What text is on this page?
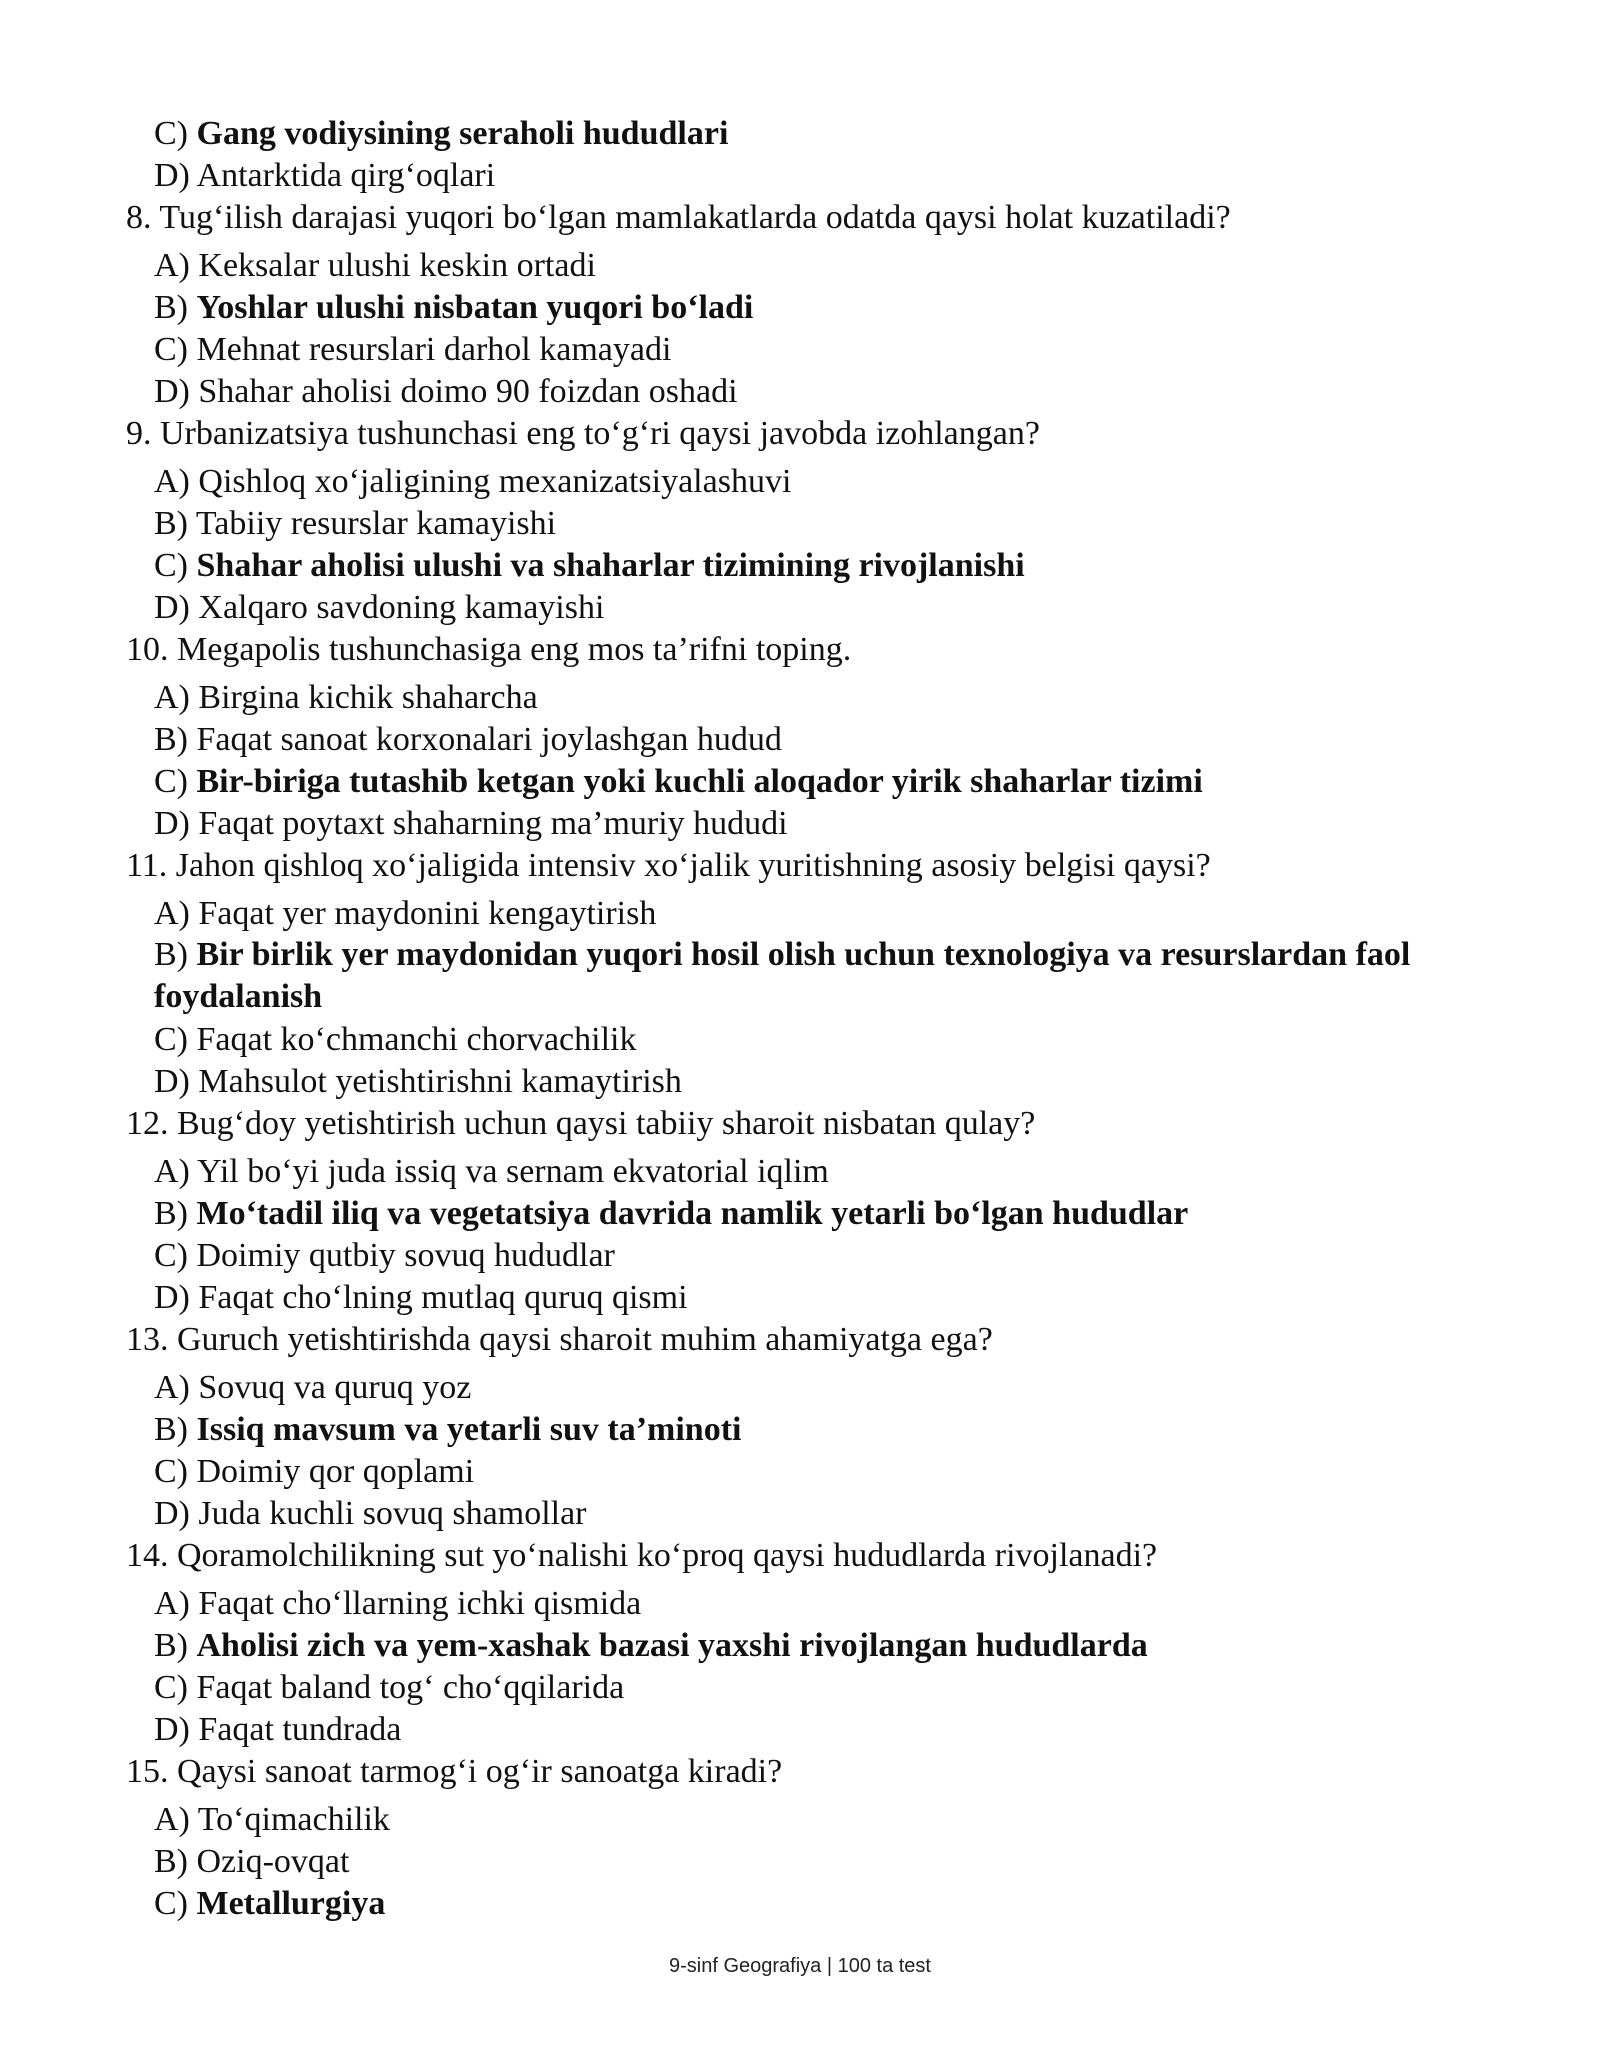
C) Gang vodiysining seraholi hududlari
D) Antarktida qirg‘oqlari
8. Tug‘ilish darajasi yuqori bo‘lgan mamlakatlarda odatda qaysi holat kuzatiladi?
A) Keksalar ulushi keskin ortadi
B) Yoshlar ulushi nisbatan yuqori bo‘ladi
C) Mehnat resurslari darhol kamayadi
D) Shahar aholisi doimo 90 foizdan oshadi
9. Urbanizatsiya tushunchasi eng to‘g‘ri qaysi javobda izohlangan?
A) Qishloq xo‘jaligining mexanizatsiyalashuvi
B) Tabiiy resurslar kamayishi
C) Shahar aholisi ulushi va shaharlar tizimining rivojlanishi
D) Xalqaro savdoning kamayishi
10. Megapolis tushunchasiga eng mos ta’rifni toping.
A) Birgina kichik shaharcha
B) Faqat sanoat korxonalari joylashgan hudud
C) Bir-biriga tutashib ketgan yoki kuchli aloqador yirik shaharlar tizimi
D) Faqat poytaxt shaharning ma’muriy hududi
11. Jahon qishloq xo‘jaligida intensiv xo‘jalik yuritishning asosiy belgisi qaysi?
A) Faqat yer maydonini kengaytirish
B) Bir birlik yer maydonidan yuqori hosil olish uchun texnologiya va resurslardan faol foydalanish
C) Faqat ko‘chmanchi chorvachilik
D) Mahsulot yetishtirishni kamaytirish
12. Bug‘doy yetishtirish uchun qaysi tabiiy sharoit nisbatan qulay?
A) Yil bo‘yi juda issiq va sernam ekvatorial iqlim
B) Mo‘tadil iliq va vegetatsiya davrida namlik yetarli bo‘lgan hududlar
C) Doimiy qutbiy sovuq hududlar
D) Faqat cho‘lning mutlaq quruq qismi
13. Guruch yetishtirishda qaysi sharoit muhim ahamiyatga ega?
A) Sovuq va quruq yoz
B) Issiq mavsum va yetarli suv ta’minoti
C) Doimiy qor qoplami
D) Juda kuchli sovuq shamollar
14. Qoramolchilikning sut yo‘nalishi ko‘proq qaysi hududlarda rivojlanadi?
A) Faqat cho‘llarning ichki qismida
B) Aholisi zich va yem-xashak bazasi yaxshi rivojlangan hududlarda
C) Faqat baland tog‘ cho‘qqilarida
D) Faqat tundrada
15. Qaysi sanoat tarmog‘i og‘ir sanoatga kiradi?
A) To‘qimachilik
B) Oziq-ovqat
C) Metallurgiya
9-sinf Geografiya | 100 ta test
